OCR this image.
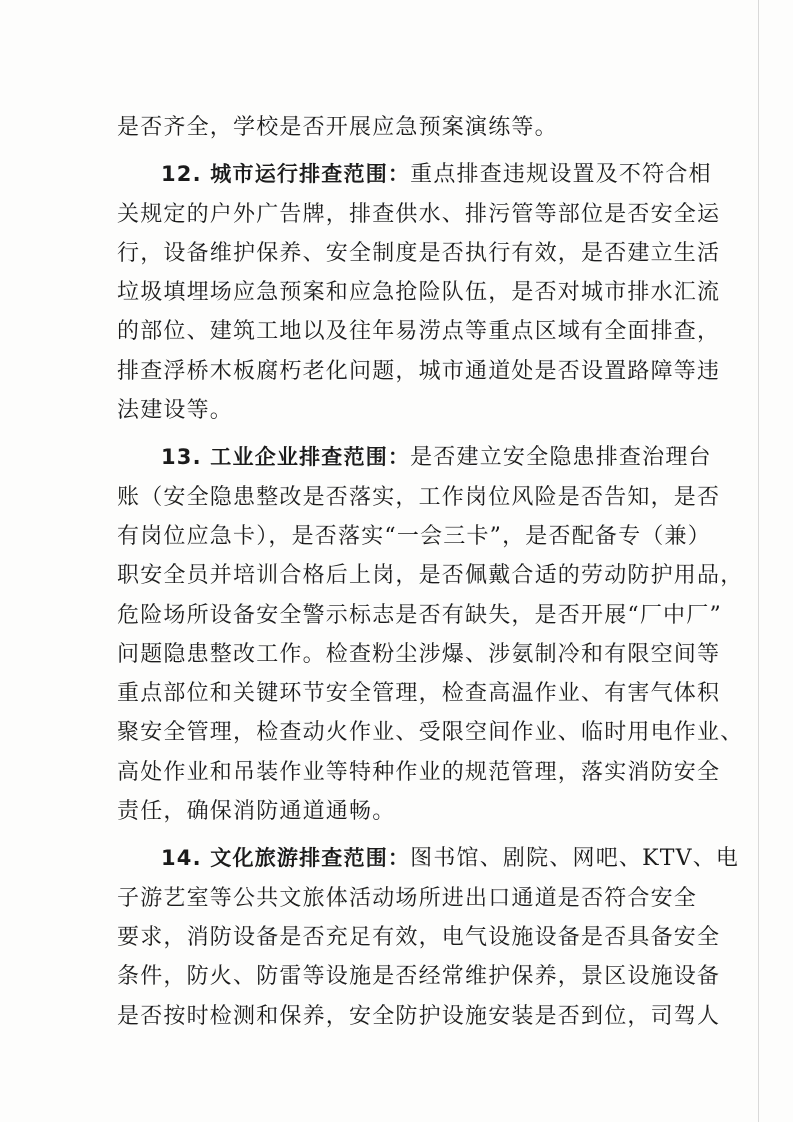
是否齐全，学校是否开展应急预案演练等。
12. 城市运行排查范围：重点排查违规设置及不符合相
关规定的户外广告牌，排查供水、排污管等部位是否安全运
行，设备维护保养、安全制度是否执行有效，是否建立生活
垃圾填埋场应急预案和应急抢险队伍，是否对城市排水汇流
的部位、建筑工地以及往年易涝点等重点区域有全面排查，
排查浮桥木板腐朽老化问题，城市通道处是否设置路障等违
法建设等。
13. 工业企业排查范围：是否建立安全隐患排查治理台
账（安全隐患整改是否落实，工作岗位风险是否告知，是否
有岗位应急卡），是否落实“一会三卡”，是否配备专（兼）
职安全员并培训合格后上岗，是否佩戴合适的劳动防护用品，
危险场所设备安全警示标志是否有缺失，是否开展“厂中厂”
问题隐患整改工作。检查粉尘涉爆、涉氨制冷和有限空间等
重点部位和关键环节安全管理，检查高温作业、有害气体积
聚安全管理，检查动火作业、受限空间作业、临时用电作业、
高处作业和吊装作业等特种作业的规范管理，落实消防安全
责任，确保消防通道通畅。
14. 文化旅游排查范围：图书馆、剧院、网吧、KTV、电
子游艺室等公共文旅体活动场所进出口通道是否符合安全
要求，消防设备是否充足有效，电气设施设备是否具备安全
条件，防火、防雷等设施是否经常维护保养，景区设施设备
是否按时检测和保养，安全防护设施安装是否到位，司驾人
